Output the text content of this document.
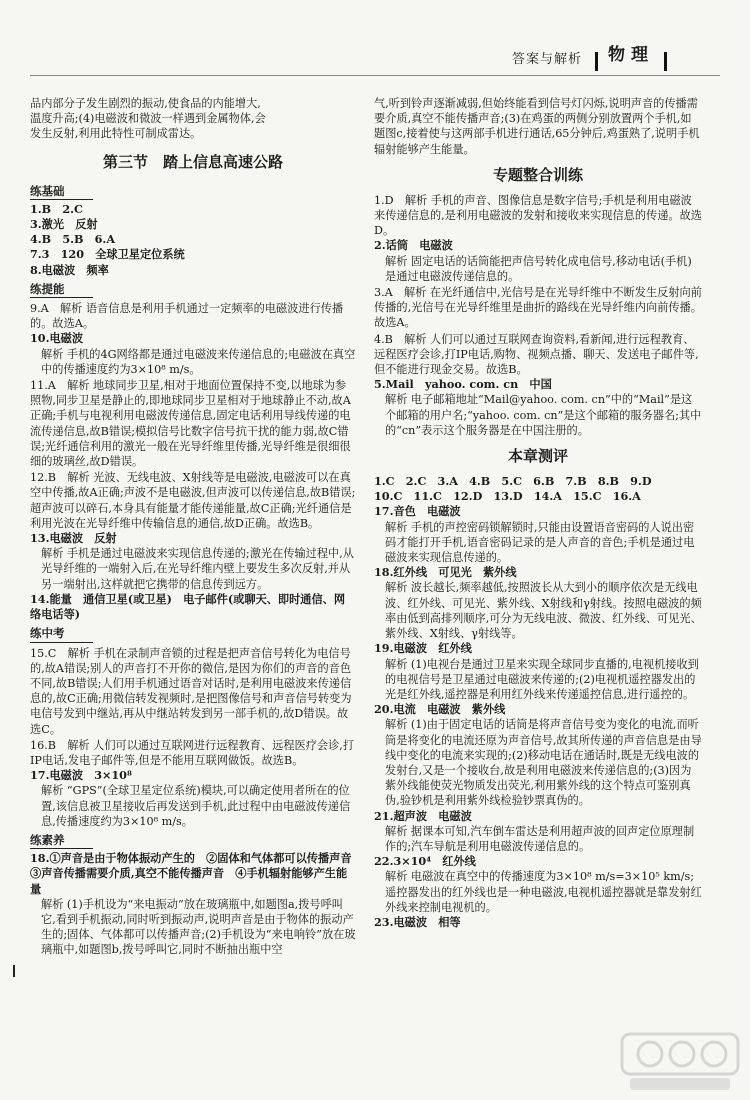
答案与解析 物理

品内部分子发生剧烈的振动,使食品的内能增大,

温度升高;(4)电磁波和微波一样遇到金属物体,会

发生反射,利用此特性可制成雷达。

第三节　踏上信息高速公路
练基础

1.B　2.C

3.激光　反射

4.B　5.B　6.A

7.3　120　全球卫星定位系统

8.电磁波　频率

练提能

9.A　解析 语音信息是利用手机通过一定频率的电磁波进行传播的。故选A。

10.电磁波

解析 手机的4G网络都是通过电磁波来传递信息的;电磁波在真空中的传播速度约为3×10⁸ m/s。

11.A　解析 地球同步卫星,相对于地面位置保持不变,以地球为参照物,同步卫星是静止的,即地球同步卫星相对于地球静止不动,故A正确;手机与电视利用电磁波传递信息,固定电话利用导线传递的电流传递信息,故B错误;模拟信号比数字信号抗干扰的能力弱,故C错误;光纤通信利用的激光一般在光导纤维里传播,光导纤维是很细很细的玻璃丝,故D错误。

12.B　解析 光波、无线电波、X射线等是电磁波,电磁波可以在真空中传播,故A正确;声波不是电磁波,但声波可以传递信息,故B错误;超声波可以碎石,本身具有能量才能传递能量,故C正确;光纤通信是利用光波在光导纤维中传输信息的通信,故D正确。故选B。

13.电磁波　反射

解析 手机是通过电磁波来实现信息传递的;激光在传输过程中,从光导纤维的一端射入后,在光导纤维内壁上要发生多次反射,并从另一端射出,这样就把它携带的信息传到远方。

14.能量　通信卫星(或卫星)　电子邮件(或聊天、即时通信、网络电话等)

练中考

15.C　解析 手机在录制声音锁的过程是把声音信号转化为电信号的,故A错误;别人的声音打不开你的微信,是因为你们的声音的音色不同,故B错误;人们用手机通过语音对话时,是利用电磁波来传递信息的,故C正确;用微信转发视频时,是把图像信号和声音信号转变为电信号发到中继站,再从中继站转发到另一部手机的,故D错误。故选C。

16.B　解析 人们可以通过互联网进行远程教育、远程医疗会诊,打IP电话,发电子邮件等,但是不能用互联网做饭。故选B。

17.电磁波　3×10⁸

解析 “GPS”(全球卫星定位系统)模块,可以确定使用者所在的位置,该信息被卫星接收后再发送到手机,此过程中由电磁波传递信息,传播速度约为3×10⁸ m/s。

练素养

18.①声音是由于物体振动产生的　②固体和气体都可以传播声音　③声音传播需要介质,真空不能传播声音　④手机辐射能够产生能量

解析 (1)手机设为“来电振动”放在玻璃瓶中,如题图a,拨号呼叫它,看到手机振动,同时听到振动声,说明声音是由于物体的振动产生的;固体、气体都可以传播声音;(2)手机设为“来电响铃”放在玻璃瓶中,如题图b,拨号呼叫它,同时不断抽出瓶中空

气,听到铃声逐渐减弱,但始终能看到信号灯闪烁,说明声音的传播需要介质,真空不能传播声音;(3)在鸡蛋的两侧分别放置两个手机,如题图c,接着使与这两部手机进行通话,65分钟后,鸡蛋熟了,说明手机辐射能够产生能量。

专题整合训练

1.D　解析 手机的声音、图像信息是数字信号;手机是利用电磁波来传递信息的,是利用电磁波的发射和接收来实现信息的传递。故选D。

2.话筒　电磁波

解析 固定电话的话筒能把声信号转化成电信号,移动电话(手机)是通过电磁波传递信息的。

3.A　解析 在光纤通信中,光信号是在光导纤维中不断发生反射向前传播的,光信号在光导纤维里是曲折的路线在光导纤维内向前传播。故选A。

4.B　解析 人们可以通过互联网查询资料,看新闻,进行远程教育、远程医疗会诊,打IP电话,购物、视频点播、聊天、发送电子邮件等,但不能进行现金交易。故选B。

5.Mail　yahoo. com. cn　中国

解析 电子邮箱地址“Mail@yahoo. com. cn”中的“Mail”是这个邮箱的用户名;“yahoo. com. cn”是这个邮箱的服务器名;其中的“cn”表示这个服务器是在中国注册的。

本章测评

1.C　2.C　3.A　4.B　5.C　6.B　7.B　8.B　9.D

10.C　11.C　12.D　13.D　14.A　15.C　16.A

17.音色　电磁波

解析 手机的声控密码锁解锁时,只能由设置语音密码的人说出密码才能打开手机,语音密码记录的是人声音的音色;手机是通过电磁波来实现信息传递的。

18.红外线　可见光　紫外线

解析 波长越长,频率越低,按照波长从大到小的顺序依次是无线电波、红外线、可见光、紫外线、X射线和γ射线。按照电磁波的频率由低到高排列顺序,可分为无线电波、微波、红外线、可见光、紫外线、X射线、γ射线等。

19.电磁波　红外线

解析 (1)电视台是通过卫星来实现全球同步直播的,电视机接收到的电视信号是卫星通过电磁波来传递的;(2)电视机遥控器发出的光是红外线,遥控器是利用红外线来传递遥控信息,进行遥控的。

20.电流　电磁波　紫外线

解析 (1)由于固定电话的话筒是将声音信号变为变化的电流,而听筒是将变化的电流还原为声音信号,故其所传递的声音信息是由导线中变化的电流来实现的;(2)移动电话在通话时,既是无线电波的发射台,又是一个接收台,故是利用电磁波来传递信息的;(3)因为紫外线能使荧光物质发出荧光,利用紫外线的这个特点可鉴别真伪,验钞机是利用紫外线检验钞票真伪的。

21.超声波　电磁波

解析 据课本可知,汽车倒车雷达是利用超声波的回声定位原理制作的;汽车导航是利用电磁波传递信息的。

22.3×10⁴　红外线

解析 电磁波在真空中的传播速度为3×10⁸ m/s=3×10⁵ km/s;遥控器发出的红外线也是一种电磁波,电视机遥控器就是靠发射红外线来控制电视机的。

23.电磁波　相等
